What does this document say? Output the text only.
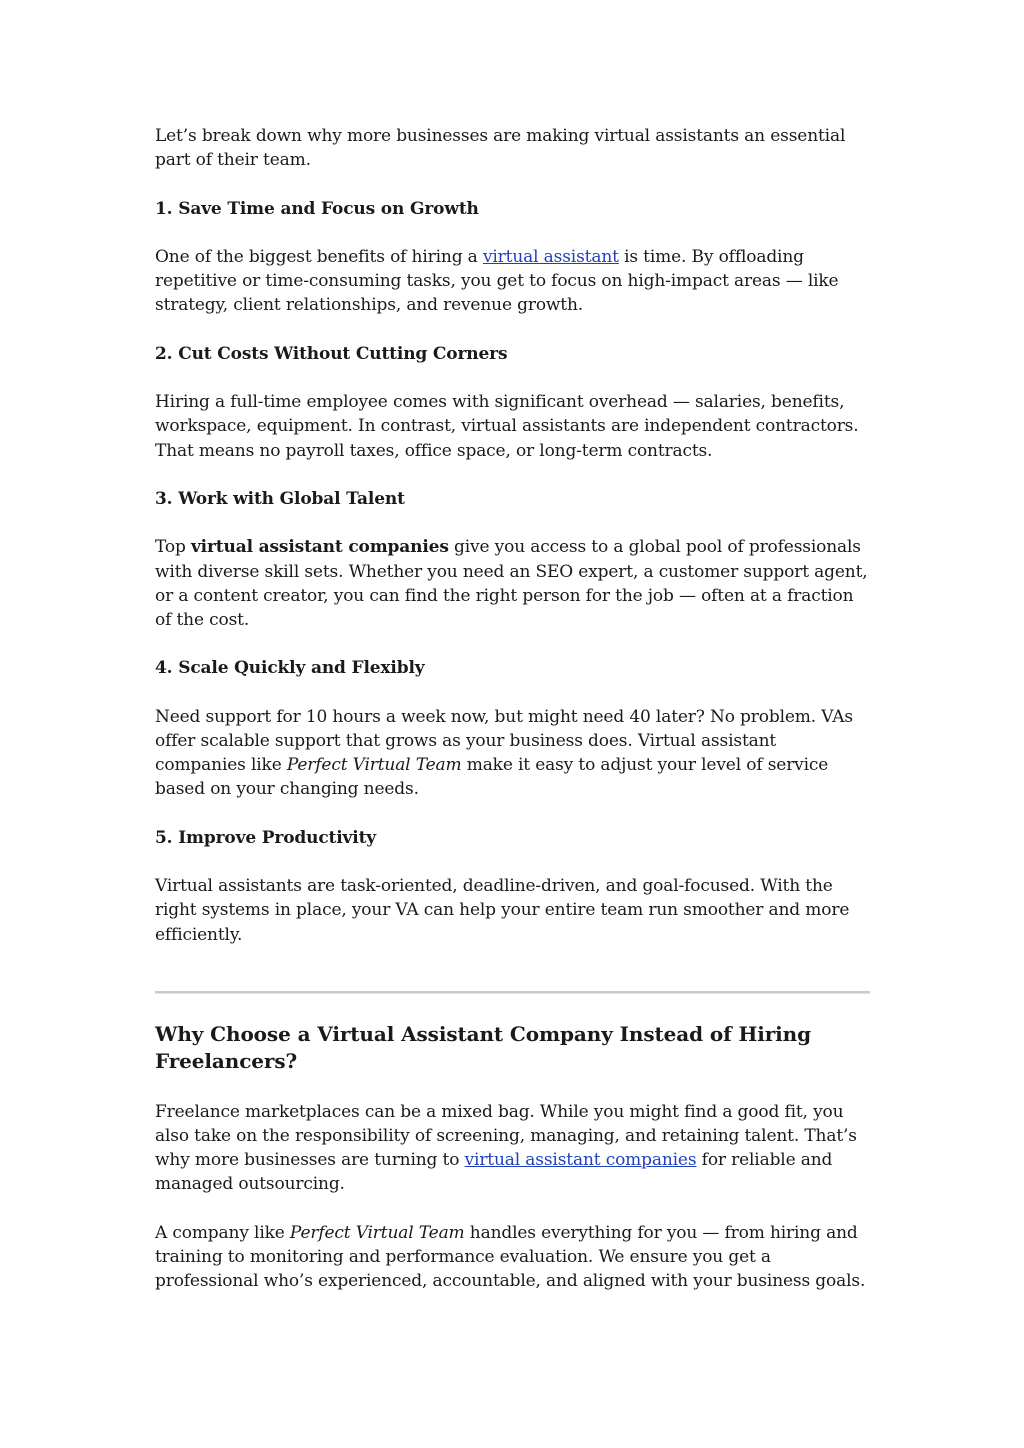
Let’s break down why more businesses are making virtual assistants an essential part of their team.

1. Save Time and Focus on Growth

One of the biggest benefits of hiring a virtual assistant is time. By offloading repetitive or time-consuming tasks, you get to focus on high-impact areas — like strategy, client relationships, and revenue growth.

2. Cut Costs Without Cutting Corners

Hiring a full-time employee comes with significant overhead — salaries, benefits, workspace, equipment. In contrast, virtual assistants are independent contractors. That means no payroll taxes, office space, or long-term contracts.

3. Work with Global Talent

Top virtual assistant companies give you access to a global pool of professionals with diverse skill sets. Whether you need an SEO expert, a customer support agent, or a content creator, you can find the right person for the job — often at a fraction of the cost.

4. Scale Quickly and Flexibly

Need support for 10 hours a week now, but might need 40 later? No problem. VAs offer scalable support that grows as your business does. Virtual assistant companies like Perfect Virtual Team make it easy to adjust your level of service based on your changing needs.

5. Improve Productivity

Virtual assistants are task-oriented, deadline-driven, and goal-focused. With the right systems in place, your VA can help your entire team run smoother and more efficiently.

Why Choose a Virtual Assistant Company Instead of Hiring Freelancers?

Freelance marketplaces can be a mixed bag. While you might find a good fit, you also take on the responsibility of screening, managing, and retaining talent. That’s why more businesses are turning to virtual assistant companies for reliable and managed outsourcing.

A company like Perfect Virtual Team handles everything for you — from hiring and training to monitoring and performance evaluation. We ensure you get a professional who’s experienced, accountable, and aligned with your business goals.
